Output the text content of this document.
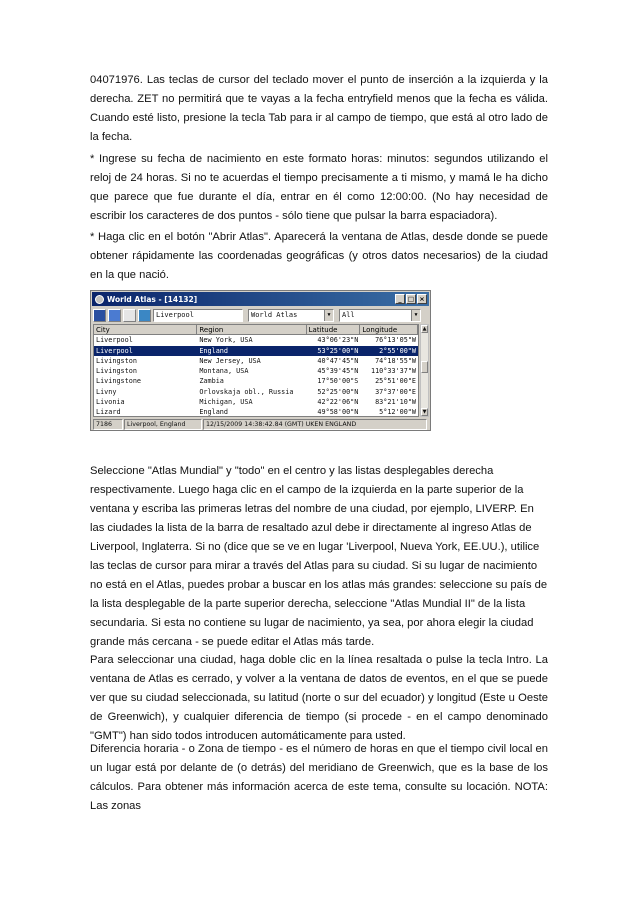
04071976. Las teclas de cursor del teclado mover el punto de inserción a la izquierda y la derecha. ZET no permitirá que te vayas a la fecha entryfield menos que la fecha es válida. Cuando esté listo, presione la tecla Tab para ir al campo de tiempo, que está al otro lado de la fecha.

* Ingrese su fecha de nacimiento en este formato horas: minutos: segundos utilizando el reloj de 24 horas. Si no te acuerdas el tiempo precisamente a ti mismo, y mamá le ha dicho que parece que fue durante el día, entrar en él como 12:00:00. (No hay necesidad de escribir los caracteres de dos puntos - sólo tiene que pulsar la barra espaciadora).

* Haga clic en el botón "Abrir Atlas". Aparecerá la ventana de Atlas, desde donde se puede obtener rápidamente las coordenadas geográficas (y otros datos necesarios) de la ciudad en la que nació.

World Atlas - [14132]	_ □ ×
Liverpool	World Atlas	▼	All	▼
City	Region	Latitude	Longitude
Liverpool	New York, USA	43°06'23"N	76°13'05"W
Liverpool	England	53°25'00"N	2°55'00"W
Livingston	New Jersey, USA	40°47'45"N	74°18'55"W
Livingston	Montana, USA	45°39'45"N	110°33'37"W
Livingstone	Zambia	17°50'00"S	25°51'00"E
Livny	Orlovskaja obl., Russia	52°25'00"N	37°37'00"E
Livonia	Michigan, USA	42°22'06"N	83°21'10"W
Lizard	England	49°58'00"N	5°12'00"W
▲
▼
7186	Liverpool, England	12/15/2009 14:38:42.84 (GMT) UKEN ENGLAND

Seleccione "Atlas Mundial" y "todo" en el centro y las listas desplegables derecha respectivamente. Luego haga clic en el campo de la izquierda en la parte superior de la ventana y escriba las primeras letras del nombre de una ciudad, por ejemplo, LIVERP. En las ciudades la lista de la barra de resaltado azul debe ir directamente al ingreso Atlas de Liverpool, Inglaterra. Si no (dice que se ve en lugar 'Liverpool, Nueva York, EE.UU.), utilice las teclas de cursor para mirar a través del Atlas para su ciudad. Si su lugar de nacimiento no está en el Atlas, puedes probar a buscar en los atlas más grandes: seleccione su país de la lista desplegable de la parte superior derecha, seleccione "Atlas Mundial II" de la lista secundaria. Si esta no contiene su lugar de nacimiento, ya sea, por ahora elegir la ciudad grande más cercana - se puede editar el Atlas más tarde.

Para seleccionar una ciudad, haga doble clic en la línea resaltada o pulse la tecla Intro. La ventana de Atlas es cerrado, y volver a la ventana de datos de eventos, en el que se puede ver que su ciudad seleccionada, su latitud (norte o sur del ecuador) y longitud (Este u Oeste de Greenwich), y cualquier diferencia de tiempo (si procede - en el campo denominado "GMT") han sido todos introducen automáticamente para usted.

Diferencia horaria - o Zona de tiempo - es el número de horas en que el tiempo civil local en un lugar está por delante de (o detrás) del meridiano de Greenwich, que es la base de los cálculos. Para obtener más información acerca de este tema, consulte su locación. NOTA: Las zonas
